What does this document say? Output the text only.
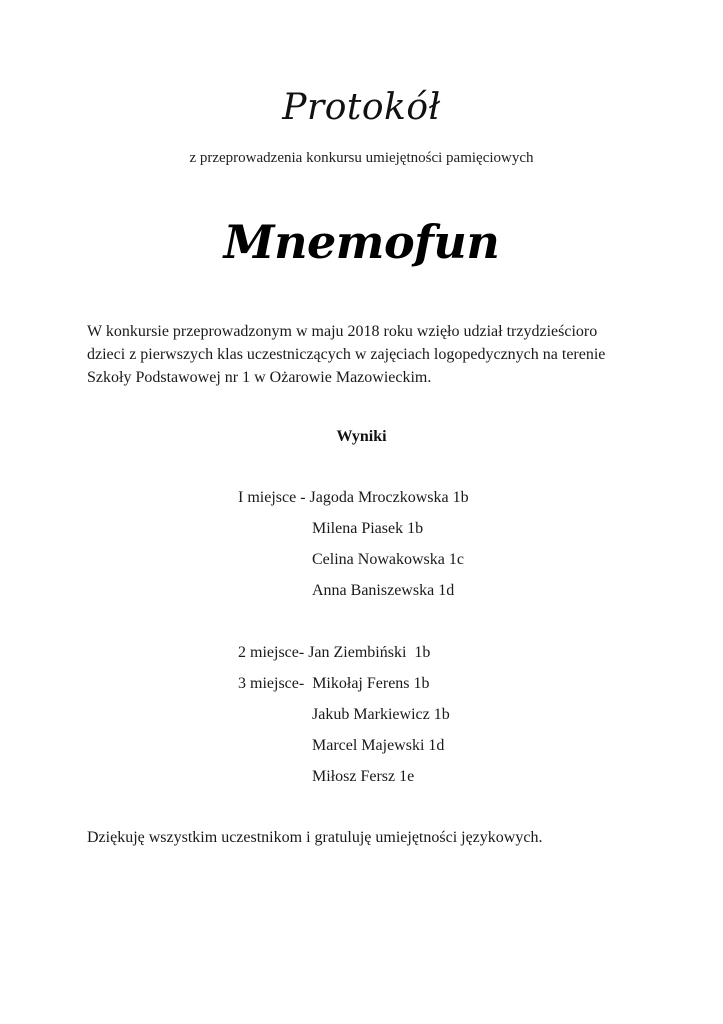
Protokół
z przeprowadzenia konkursu umiejętności pamięciowych
Mnemofun

W konkursie przeprowadzonym w maju 2018 roku wzięło udział trzydzieścioro
dzieci z pierwszych klas uczestniczących w zajęciach logopedycznych na terenie
Szkoły Podstawowej nr 1 w Ożarowie Mazowieckim.

Wyniki
I miejsce - Jagoda Mroczkowska 1b
Milena Piasek 1b
Celina Nowakowska 1c
Anna Baniszewska 1d
2 miejsce- Jan Ziembiński  1b
3 miejsce-  Mikołaj Ferens 1b
Jakub Markiewicz 1b
Marcel Majewski 1d
Miłosz Fersz 1e
Dziękuję wszystkim uczestnikom i gratuluję umiejętności językowych.
